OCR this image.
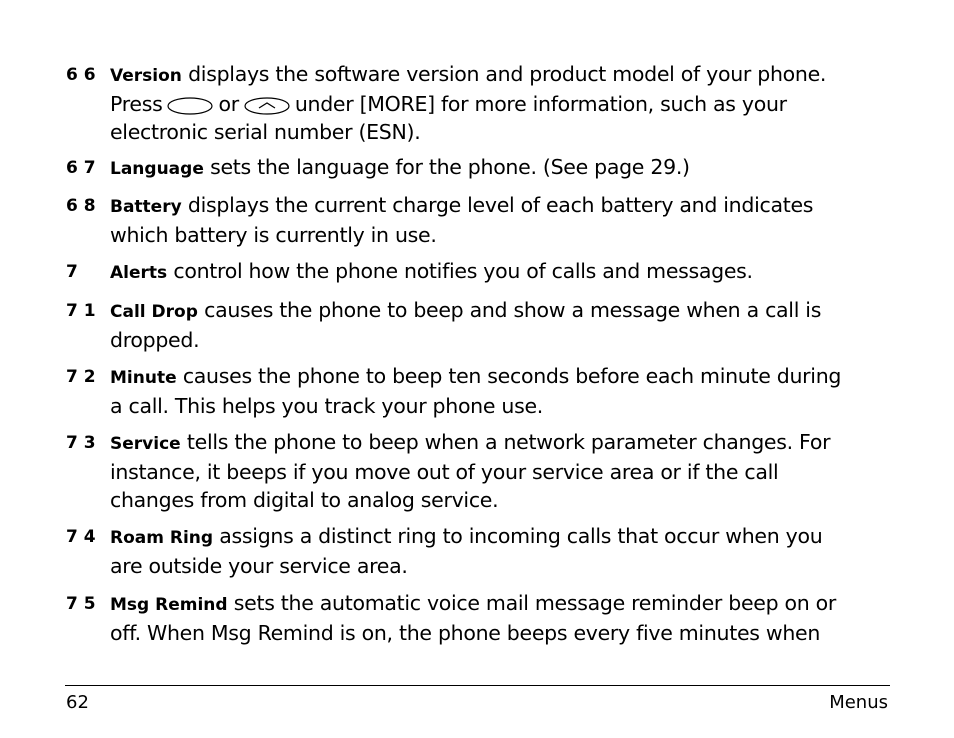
6 6 Version displays the software version and product model of your phone.
Press	or	under [MORE] for more information, such as your
electronic serial number (ESN).
6 7 Language sets the language for the phone. (See page 29.)
6 8 Battery displays the current charge level of each battery and indicates
which battery is currently in use.
7 Alerts control how the phone notifies you of calls and messages.
7 1 Call Drop causes the phone to beep and show a message when a call is
dropped.
7 2 Minute causes the phone to beep ten seconds before each minute during
a call. This helps you track your phone use.
7 3 Service tells the phone to beep when a network parameter changes. For
instance, it beeps if you move out of your service area or if the call
changes from digital to analog service.
7 4 Roam Ring assigns a distinct ring to incoming calls that occur when you
are outside your service area.
7 5 Msg Remind sets the automatic voice mail message reminder beep on or
off. When Msg Remind is on, the phone beeps every five minutes when
62	Menus
